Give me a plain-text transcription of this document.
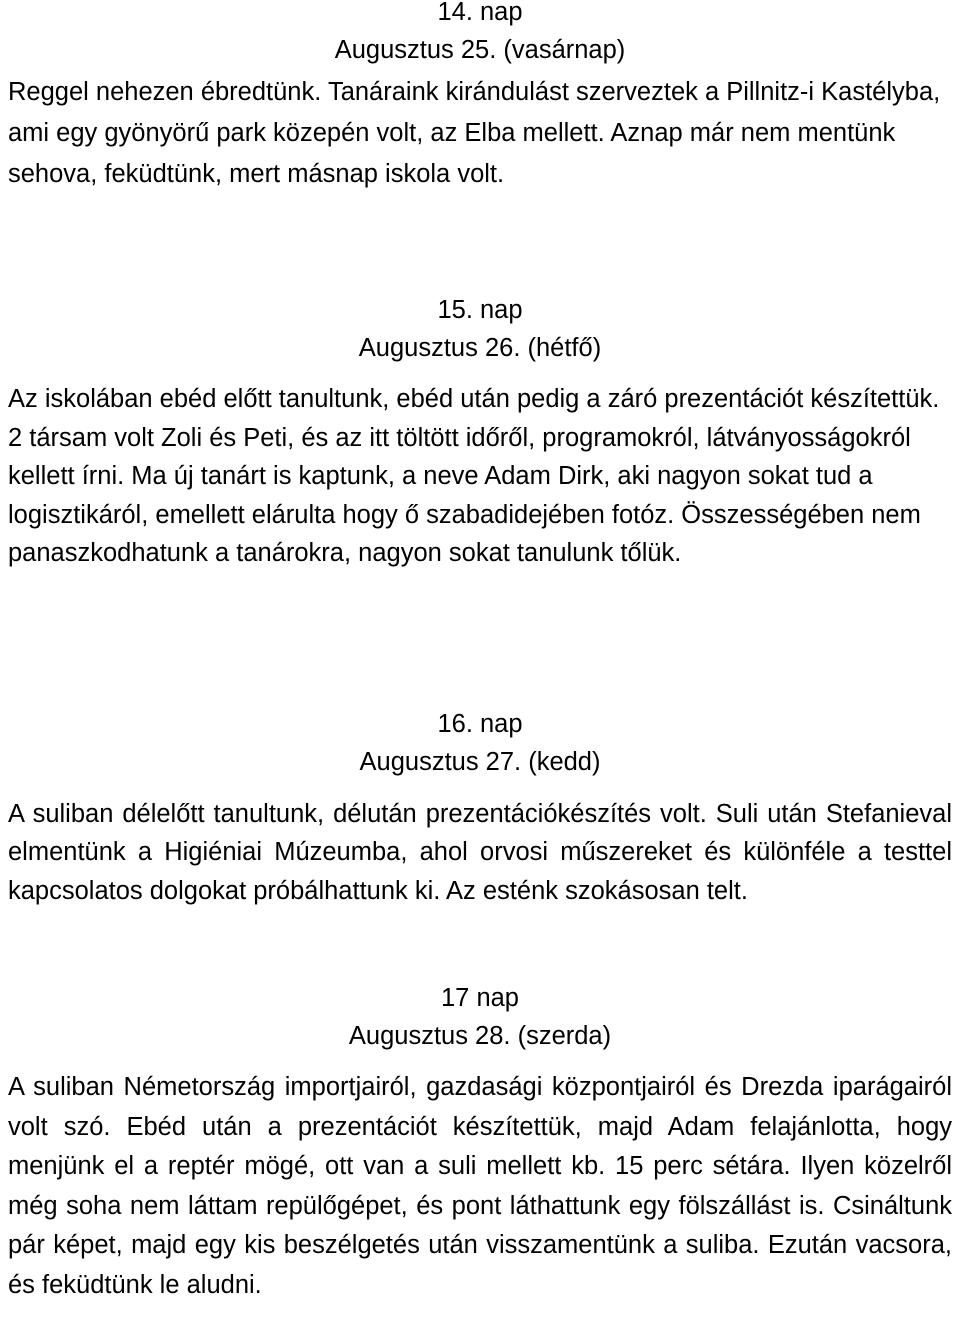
14. nap
Augusztus 25. (vasárnap)

Reggel nehezen ébredtünk. Tanáraink kirándulást szerveztek a Pillnitz-i Kastélyba, ami egy gyönyörű park közepén volt, az Elba mellett. Aznap már nem mentünk sehova, feküdtünk, mert másnap iskola volt.

15. nap
Augusztus 26. (hétfő)

Az iskolában ebéd előtt tanultunk, ebéd után pedig a záró prezentációt készítettük. 2 társam volt Zoli és Peti, és az itt töltött időről, programokról, látványosságokról kellett írni. Ma új tanárt is kaptunk, a neve Adam Dirk, aki nagyon sokat tud a logisztikáról, emellett elárulta hogy ő szabadidejében fotóz. Összességében nem panaszkodhatunk a tanárokra, nagyon sokat tanulunk tőlük.

16. nap
Augusztus 27. (kedd)

A suliban délelőtt tanultunk, délután prezentációkészítés volt. Suli után Stefanieval elmentünk a Higiéniai Múzeumba, ahol orvosi műszereket és különféle a testtel kapcsolatos dolgokat próbálhattunk ki. Az esténk szokásosan telt.

17 nap
Augusztus 28. (szerda)

A suliban Németország importjairól, gazdasági központjairól és Drezda iparágairól volt szó. Ebéd után a prezentációt készítettük, majd Adam felajánlotta, hogy menjünk el a reptér mögé, ott van a suli mellett kb. 15 perc sétára. Ilyen közelről még soha nem láttam repülőgépet, és pont láthattunk egy fölszállást is. Csináltunk pár képet, majd egy kis beszélgetés után visszamentünk a suliba. Ezután vacsora, és feküdtünk le aludni.
